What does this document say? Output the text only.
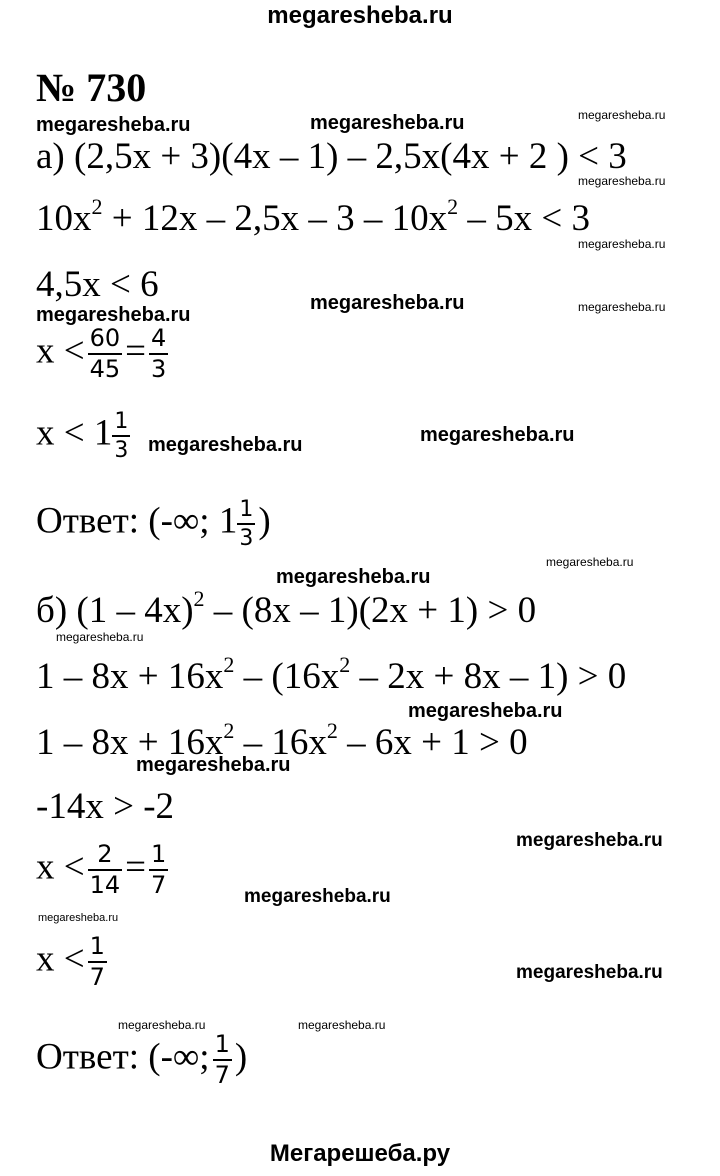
megaresheba.ru
№ 730
megaresheba.ru	megaresheba.ru	megaresheba.ru
megaresheba.ru
megaresheba.ru
megaresheba.ru	megaresheba.ru
megaresheba.ru
megaresheba.ru
megaresheba.ru
megaresheba.ru
megaresheba.ru
megaresheba.ru
megaresheba.ru
megaresheba.ru
megaresheba.ru
megaresheba.ru
megaresheba.ru
megaresheba.ru
megaresheba.ru	megaresheba.ru
а) (2,5x + 3)(4x – 1) – 2,5x(4x + 2 ) < 3
$10x^2 + 12x - 2,5x - 3 - 10x^2 - 5x < 3$
4,5x < 6
$x < \frac{60}{45} = \frac{4}{3}$
$x < 1 \frac{1}{3}$
Ответ: (-∞; $1 \frac{1}{3}$ )
б) (1 – 4x)$^2$ – (8x – 1)(2x + 1) > 0
$1 - 8x + 16x^2 - (16x^2 - 2x + 8x - 1) > 0$
$1 - 8x + 16x^2 - 16x^2 - 6x + 1 > 0$
-14x > -2
$x < \frac{2}{14} = \frac{1}{7}$
$x < \frac{1}{7}$
Ответ: (-∞; $\frac{1}{7}$ )
Мегарешеба.ру
